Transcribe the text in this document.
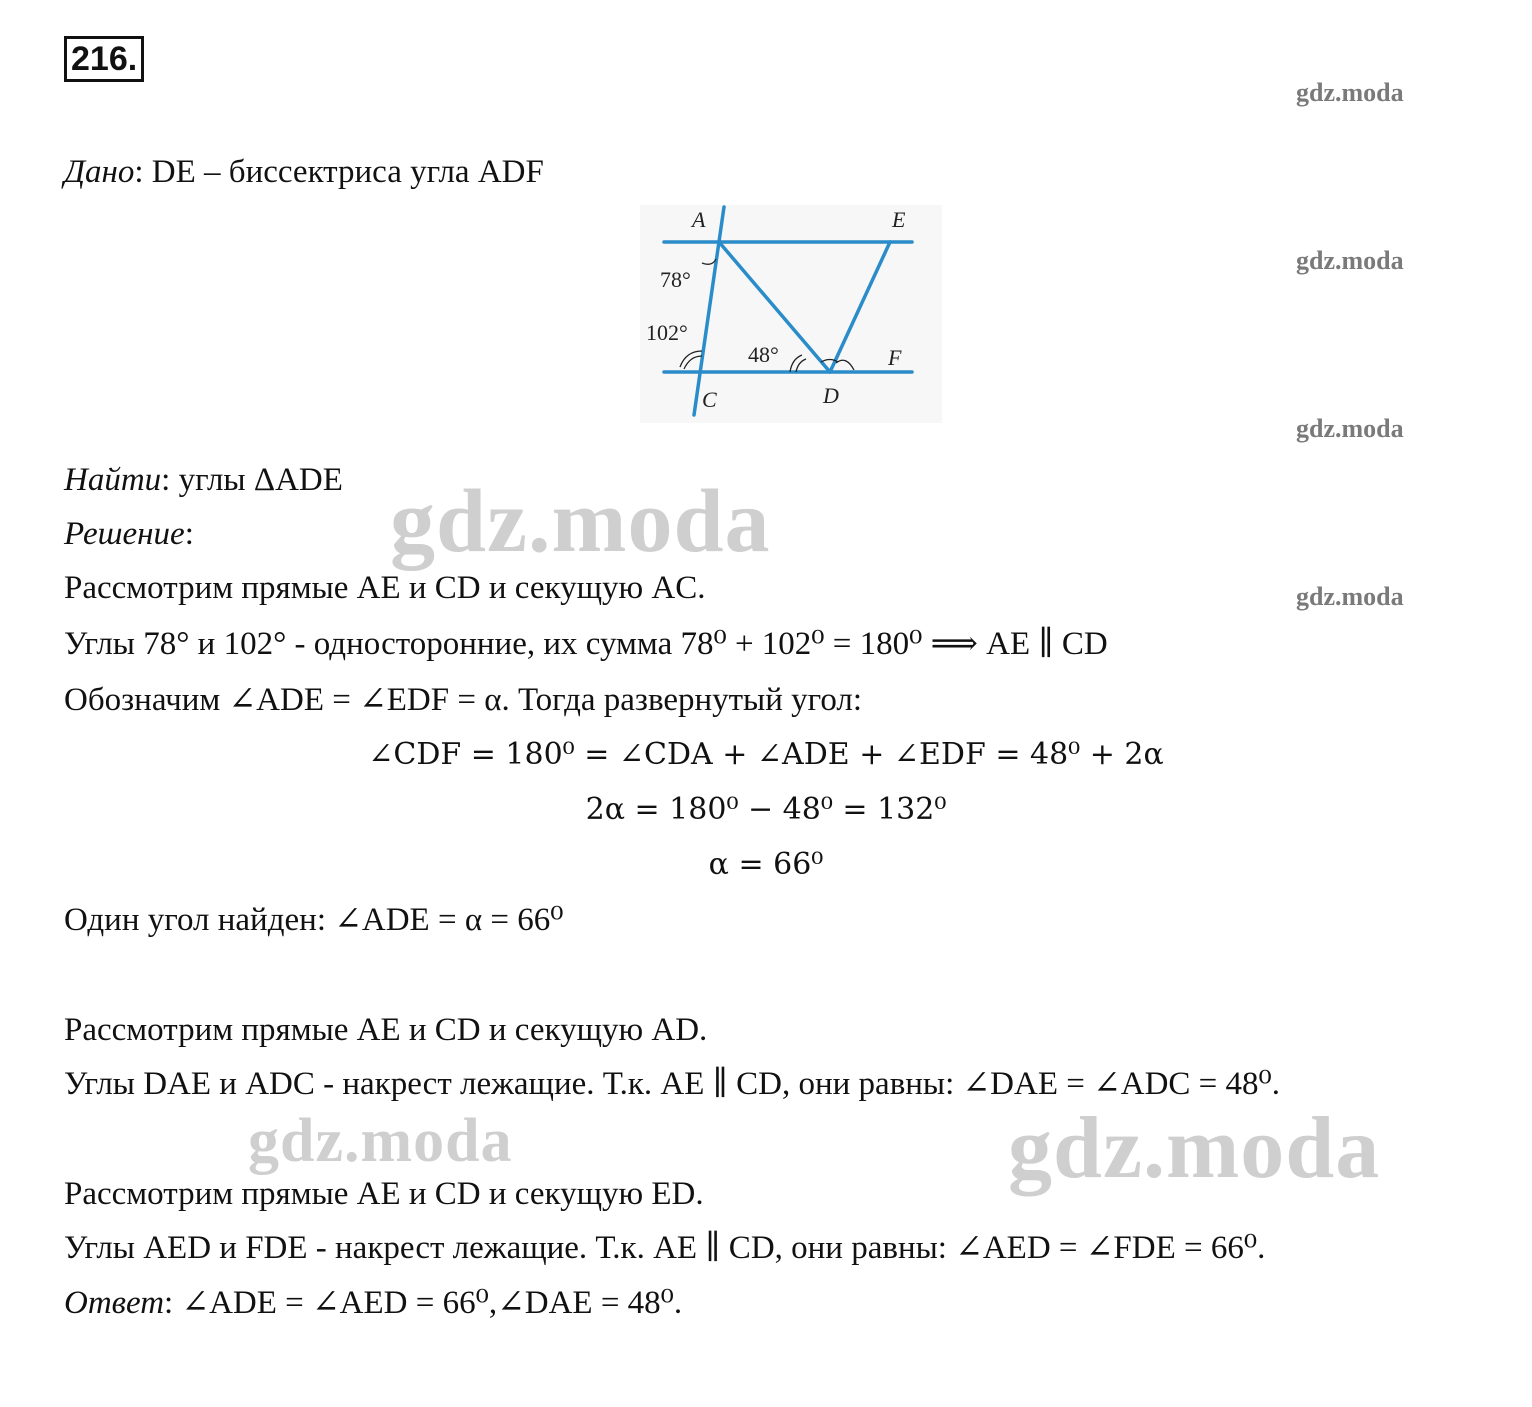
216.
gdz.moda
gdz.moda
gdz.moda
gdz.moda
Дано: DE – биссектриса угла ADF
A	E
C	D
F
78°
102°
48°
Найти: углы ΔADE
Решение:
Рассмотрим прямые AE и CD и секущую AC.
Углы 78° и 102° - односторонние, их сумма 78⁰ + 102⁰ = 180⁰ ⟹ AE ∥ CD
Обозначим ∠ADE = ∠EDF = α. Тогда развернутый угол:
∠CDF = 180⁰ = ∠CDA + ∠ADE + ∠EDF = 48⁰ + 2α
2α = 180⁰ − 48⁰ = 132⁰
α = 66⁰
Один угол найден: ∠ADE = α = 66⁰
Рассмотрим прямые AE и CD и секущую AD.
Углы DAE и ADC - накрест лежащие. Т.к. AE ∥ CD, они равны: ∠DAE = ∠ADC = 48⁰.
Рассмотрим прямые AE и CD и секущую ED.
Углы AED и FDE - накрест лежащие. Т.к. AE ∥ CD, они равны: ∠AED = ∠FDE = 66⁰.
Ответ: ∠ADE = ∠AED = 66⁰,∠DAE = 48⁰.
gdz.moda
gdz.moda	gdz.moda
